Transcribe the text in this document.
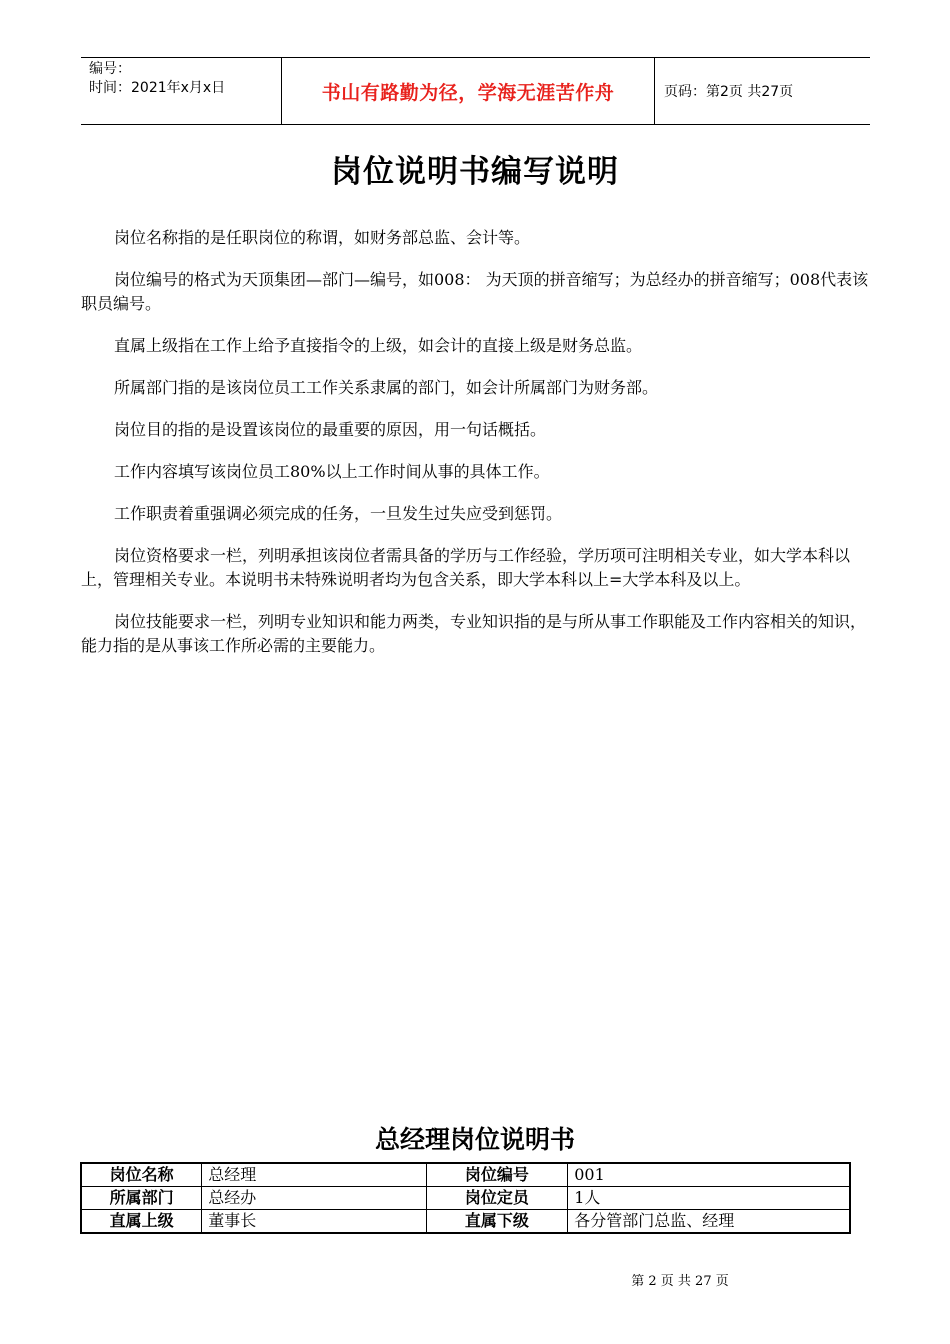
编号：
时间：2021年x月x日	书山有路勤为径，学海无涯苦作舟	页码：第2页 共27页
岗位说明书编写说明

岗位名称指的是任职岗位的称谓，如财务部总监、会计等。

岗位编号的格式为天顶集团—部门—编号，如008： 为天顶的拼音缩写；为总经办的拼音缩写；008代表该职员编号。

直属上级指在工作上给予直接指令的上级，如会计的直接上级是财务总监。

所属部门指的是该岗位员工工作关系隶属的部门，如会计所属部门为财务部。

岗位目的指的是设置该岗位的最重要的原因，用一句话概括。

工作内容填写该岗位员工80%以上工作时间从事的具体工作。

工作职责着重强调必须完成的任务，一旦发生过失应受到惩罚。

岗位资格要求一栏，列明承担该岗位者需具备的学历与工作经验，学历项可注明相关专业，如大学本科以上，管理相关专业。本说明书未特殊说明者均为包含关系，即大学本科以上=大学本科及以上。

岗位技能要求一栏，列明专业知识和能力两类，专业知识指的是与所从事工作职能及工作内容相关的知识，能力指的是从事该工作所必需的主要能力。

总经理岗位说明书
岗位名称	总经理	岗位编号	001
所属部门	总经办	岗位定员	1人
直属上级	董事长	直属下级	各分管部门总监、经理
第 2 页 共 27 页
